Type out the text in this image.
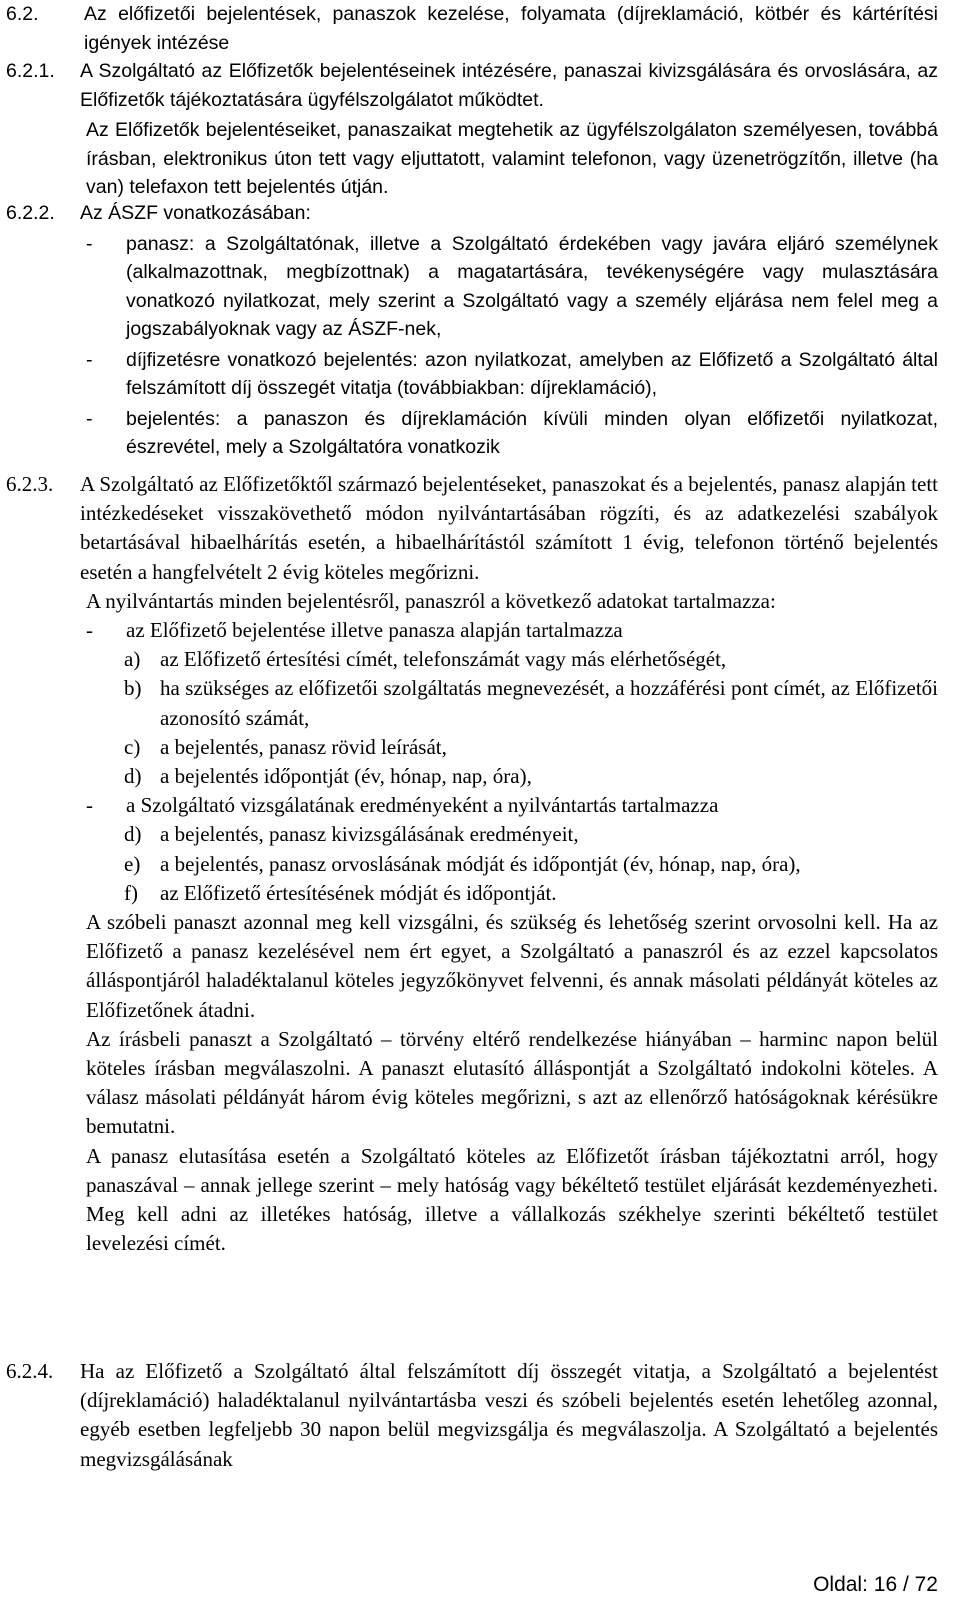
6.2.	Az előfizetői bejelentések, panaszok kezelése, folyamata (díjreklamáció, kötbér és kártérítési igények intézése
6.2.1.	A Szolgáltató az Előfizetők bejelentéseinek intézésére, panaszai kivizsgálására és orvoslására, az Előfizetők tájékoztatására ügyfélszolgálatot működtet.

Az Előfizetők bejelentéseiket, panaszaikat megtehetik az ügyfélszolgálaton személyesen, továbbá írásban, elektronikus úton tett vagy eljuttatott, valamint telefonon, vagy üzenetrögzítőn, illetve (ha van) telefaxon tett bejelentés útján.

6.2.2.	Az ÁSZF vonatkozásában:
-	panasz: a Szolgáltatónak, illetve a Szolgáltató érdekében vagy javára eljáró személynek (alkalmazottnak, megbízottnak) a magatartására, tevékenységére vagy mulasztására vonatkozó nyilatkozat, mely szerint a Szolgáltató vagy a személy eljárása nem felel meg a jogszabályoknak vagy az ÁSZF-nek,
-	díjfizetésre vonatkozó bejelentés: azon nyilatkozat, amelyben az Előfizető a Szolgáltató által felszámított díj összegét vitatja (továbbiakban: díjreklamáció),
-	bejelentés: a panaszon és díjreklamáción kívüli minden olyan előfizetői nyilatkozat, észrevétel, mely a Szolgáltatóra vonatkozik
6.2.3.	A Szolgáltató az Előfizetőktől származó bejelentéseket, panaszokat és a bejelentés, panasz alapján tett intézkedéseket visszakövethető módon nyilvántartásában rögzíti, és az adatkezelési szabályok betartásával hibaelhárítás esetén, a hibaelhárítástól számított 1 évig, telefonon történő bejelentés esetén a hangfelvételt 2 évig köteles megőrizni.

A nyilvántartás minden bejelentésről, panaszról a következő adatokat tartalmazza:

-	az Előfizető bejelentése illetve panasza alapján tartalmazza
a) az Előfizető értesítési címét, telefonszámát vagy más elérhetőségét,
b) ha szükséges az előfizetői szolgáltatás megnevezését, a hozzáférési pont címét, az Előfizetői azonosító számát,
c) a bejelentés, panasz rövid leírását,
d) a bejelentés időpontját (év, hónap, nap, óra),
-	a Szolgáltató vizsgálatának eredményeként a nyilvántartás tartalmazza
d) a bejelentés, panasz kivizsgálásának eredményeit,
e) a bejelentés, panasz orvoslásának módját és időpontját (év, hónap, nap, óra),
f)	az Előfizető értesítésének módját és időpontját.

A szóbeli panaszt azonnal meg kell vizsgálni, és szükség és lehetőség szerint orvosolni kell. Ha az Előfizető a panasz kezelésével nem ért egyet, a Szolgáltató a panaszról és az ezzel kapcsolatos álláspontjáról haladéktalanul köteles jegyzőkönyvet felvenni, és annak másolati példányát köteles az Előfizetőnek átadni.

Az írásbeli panaszt a Szolgáltató – törvény eltérő rendelkezése hiányában – harminc napon belül köteles írásban megválaszolni. A panaszt elutasító álláspontját a Szolgáltató indokolni köteles. A válasz másolati példányát három évig köteles megőrizni, s azt az ellenőrző hatóságoknak kérésükre bemutatni.

A panasz elutasítása esetén a Szolgáltató köteles az Előfizetőt írásban tájékoztatni arról, hogy panaszával – annak jellege szerint – mely hatóság vagy békéltető testület eljárását kezdeményezheti. Meg kell adni az illetékes hatóság, illetve a vállalkozás székhelye szerinti békéltető testület levelezési címét.

6.2.4.	Ha az Előfizető a Szolgáltató által felszámított díj összegét vitatja, a Szolgáltató a bejelentést (díjreklamáció) haladéktalanul nyilvántartásba veszi és szóbeli bejelentés esetén lehetőleg azonnal, egyéb esetben legfeljebb 30 napon belül megvizsgálja és megválaszolja. A Szolgáltató a bejelentés megvizsgálásának
Oldal: 16 / 72
